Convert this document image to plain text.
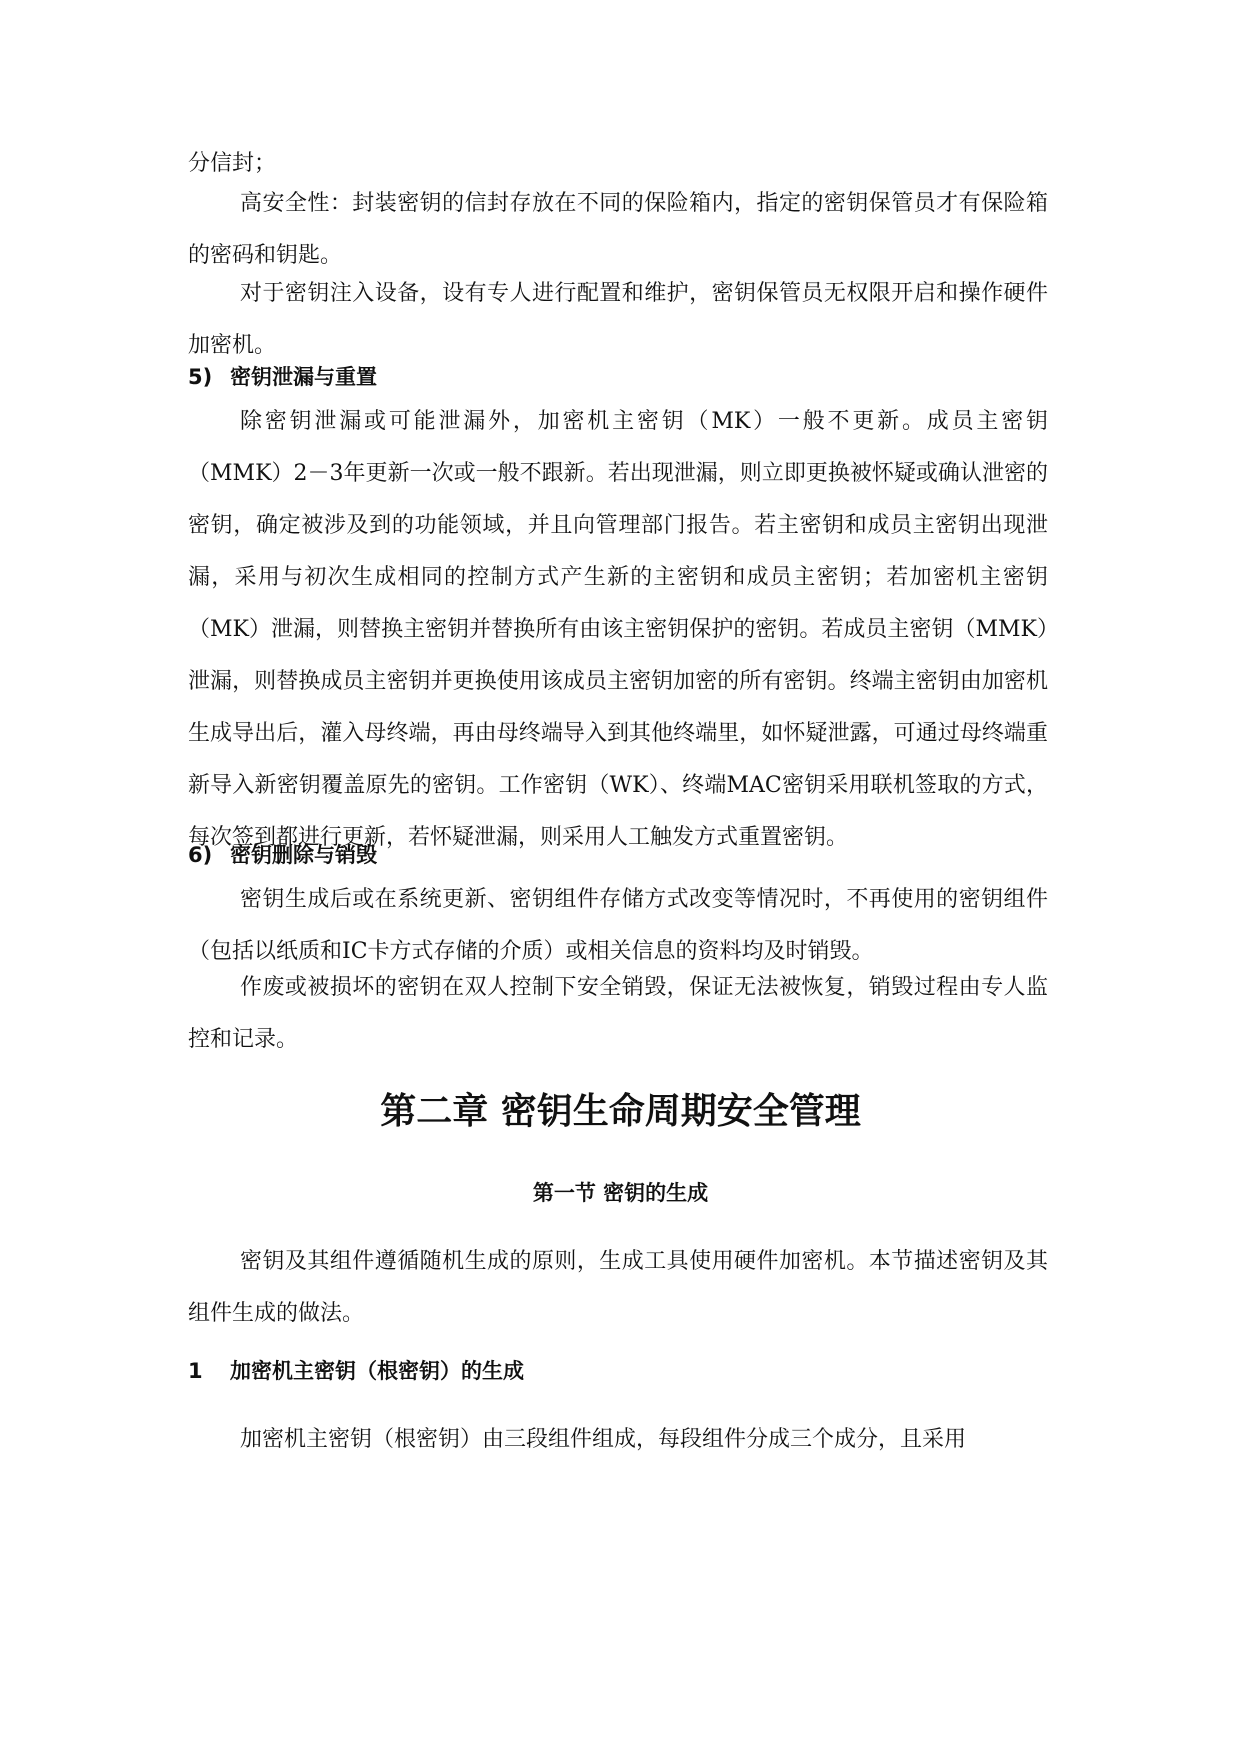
分信封；

高安全性：封装密钥的信封存放在不同的保险箱内，指定的密钥保管员才有保险箱的密码和钥匙。

对于密钥注入设备，设有专人进行配置和维护，密钥保管员无权限开启和操作硬件加密机。

5) 密钥泄漏与重置

除密钥泄漏或可能泄漏外，加密机主密钥（MK）一般不更新。成员主密钥（MMK）2－3年更新一次或一般不跟新。若出现泄漏，则立即更换被怀疑或确认泄密的密钥，确定被涉及到的功能领域，并且向管理部门报告。若主密钥和成员主密钥出现泄漏，采用与初次生成相同的控制方式产生新的主密钥和成员主密钥；若加密机主密钥（MK）泄漏，则替换主密钥并替换所有由该主密钥保护的密钥。若成员主密钥（MMK）泄漏，则替换成员主密钥并更换使用该成员主密钥加密的所有密钥。终端主密钥由加密机生成导出后，灌入母终端，再由母终端导入到其他终端里，如怀疑泄露，可通过母终端重新导入新密钥覆盖原先的密钥。工作密钥（WK）、终端MAC密钥采用联机签取的方式，每次签到都进行更新，若怀疑泄漏，则采用人工触发方式重置密钥。

6) 密钥删除与销毁

密钥生成后或在系统更新、密钥组件存储方式改变等情况时，不再使用的密钥组件（包括以纸质和IC卡方式存储的介质）或相关信息的资料均及时销毁。

作废或被损坏的密钥在双人控制下安全销毁，保证无法被恢复，销毁过程由专人监控和记录。

第二章 密钥生命周期安全管理
第一节 密钥的生成

密钥及其组件遵循随机生成的原则，生成工具使用硬件加密机。本节描述密钥及其组件生成的做法。

1 加密机主密钥（根密钥）的生成

加密机主密钥（根密钥）由三段组件组成，每段组件分成三个成分，且采用
